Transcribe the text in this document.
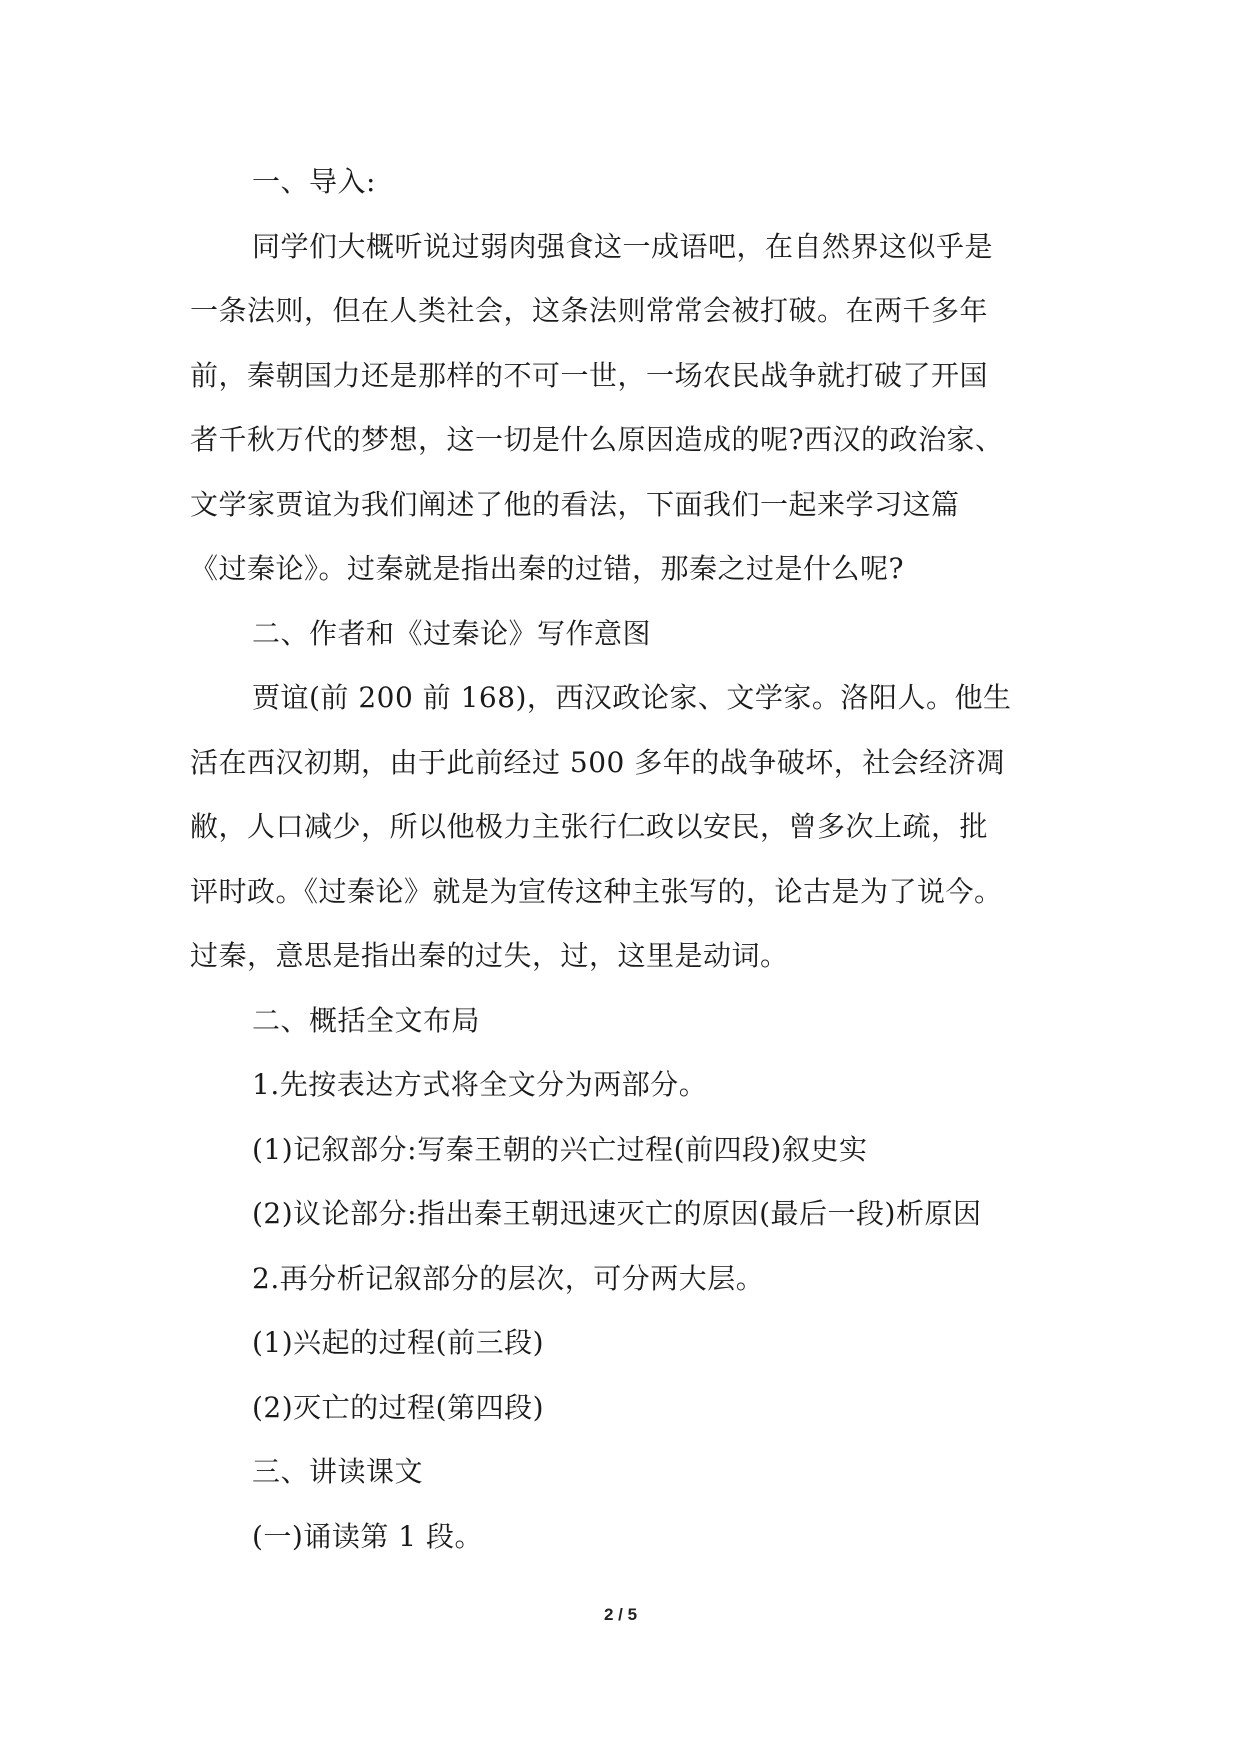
一、导入:
同学们大概听说过弱肉强食这一成语吧，在自然界这似乎是
一条法则，但在人类社会，这条法则常常会被打破。在两千多年
前，秦朝国力还是那样的不可一世，一场农民战争就打破了开国
者千秋万代的梦想，这一切是什么原因造成的呢?西汉的政治家、
文学家贾谊为我们阐述了他的看法，下面我们一起来学习这篇
《过秦论》。过秦就是指出秦的过错，那秦之过是什么呢?
二、作者和《过秦论》写作意图
贾谊(前 200 前 168)，西汉政论家、文学家。洛阳人。他生
活在西汉初期，由于此前经过 500 多年的战争破坏，社会经济凋
敝，人口减少，所以他极力主张行仁政以安民，曾多次上疏，批
评时政。《过秦论》就是为宣传这种主张写的，论古是为了说今。
过秦，意思是指出秦的过失，过，这里是动词。
二、概括全文布局
1.先按表达方式将全文分为两部分。
(1)记叙部分:写秦王朝的兴亡过程(前四段)叙史实
(2)议论部分:指出秦王朝迅速灭亡的原因(最后一段)析原因
2.再分析记叙部分的层次，可分两大层。
(1)兴起的过程(前三段)
(2)灭亡的过程(第四段)
三、讲读课文
(一)诵读第 1 段。
2 / 5
